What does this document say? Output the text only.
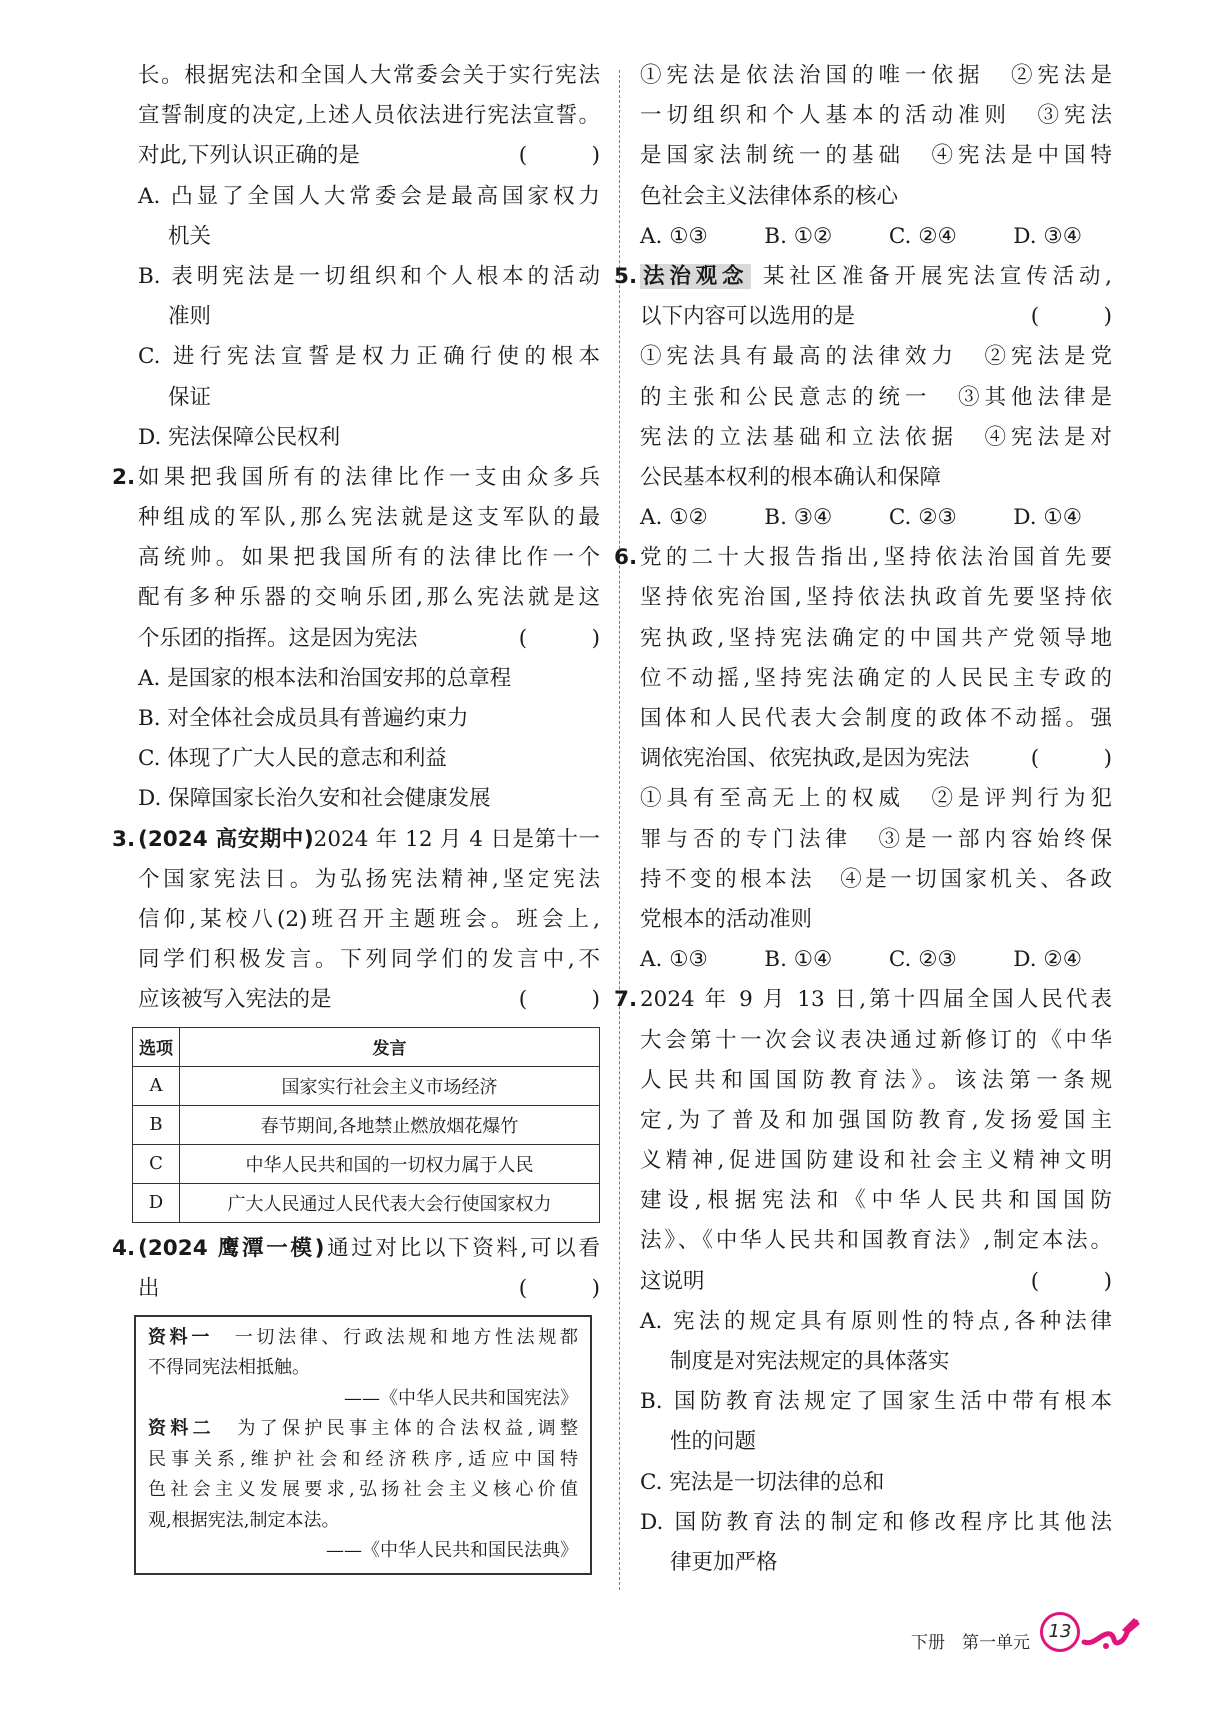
长。根据宪法和全国人大常委会关于实行宪法
宣誓制度的决定,上述人员依法进行宪法宣誓。
对此,下列认识正确的是	(　　　)
A. 凸显了全国人大常委会是最高国家权力
机关
B. 表明宪法是一切组织和个人根本的活动
准则
C. 进行宪法宣誓是权力正确行使的根本
保证
D. 宪法保障公民权利
2. 如果把我国所有的法律比作一支由众多兵
种组成的军队,那么宪法就是这支军队的最
高统帅。如果把我国所有的法律比作一个
配有多种乐器的交响乐团,那么宪法就是这
个乐团的指挥。这是因为宪法	(　　　)
A. 是国家的根本法和治国安邦的总章程
B. 对全体社会成员具有普遍约束力
C. 体现了广大人民的意志和利益
D. 保障国家长治久安和社会健康发展
3. (2024 高安期中)2024 年 12 月 4 日是第十一
个国家宪法日。为弘扬宪法精神,坚定宪法
信仰,某校八(2)班召开主题班会。班会上,
同学们积极发言。下列同学们的发言中,不
应该被写入宪法的是	(　　　)
选项	发言
A	国家实行社会主义市场经济
B	春节期间,各地禁止燃放烟花爆竹
C	中华人民共和国的一切权力属于人民
D	广大人民通过人民代表大会行使国家权力
4. (2024 鹰潭一模)通过对比以下资料,可以看
出	(　　　)
资料一　一切法律、行政法规和地方性法规都
不得同宪法相抵触。
——《中华人民共和国宪法》
资料二　为了保护民事主体的合法权益,调整
民事关系,维护社会和经济秩序,适应中国特
色社会主义发展要求,弘扬社会主义核心价值
观,根据宪法,制定本法。
——《中华人民共和国民法典》
①宪法是依法治国的唯一依据　②宪法是
一切组织和个人基本的活动准则　③宪法
是国家法制统一的基础　④宪法是中国特
色社会主义法律体系的核心
A. ①③	B. ①②	C. ②④	D. ③④
5. 法治观念 某社区准备开展宪法宣传活动,
以下内容可以选用的是	(　　　)
①宪法具有最高的法律效力　②宪法是党
的主张和公民意志的统一　③其他法律是
宪法的立法基础和立法依据　④宪法是对
公民基本权利的根本确认和保障
A. ①②	B. ③④	C. ②③	D. ①④
6. 党的二十大报告指出,坚持依法治国首先要
坚持依宪治国,坚持依法执政首先要坚持依
宪执政,坚持宪法确定的中国共产党领导地
位不动摇,坚持宪法确定的人民民主专政的
国体和人民代表大会制度的政体不动摇。强
调依宪治国、依宪执政,是因为宪法	(　　　)
①具有至高无上的权威　②是评判行为犯
罪与否的专门法律　③是一部内容始终保
持不变的根本法　④是一切国家机关、各政
党根本的活动准则
A. ①③	B. ①④	C. ②③	D. ②④
7. 2024 年 9 月 13 日,第十四届全国人民代表
大会第十一次会议表决通过新修订的《中华
人民共和国国防教育法》。该法第一条规
定,为了普及和加强国防教育,发扬爱国主
义精神,促进国防建设和社会主义精神文明
建设,根据宪法和《中华人民共和国国防
法》、《中华人民共和国教育法》,制定本法。
这说明	(　　　)
A. 宪法的规定具有原则性的特点,各种法律
制度是对宪法规定的具体落实
B. 国防教育法规定了国家生活中带有根本
性的问题
C. 宪法是一切法律的总和
D. 国防教育法的制定和修改程序比其他法
律更加严格
下册　第一单元
13
